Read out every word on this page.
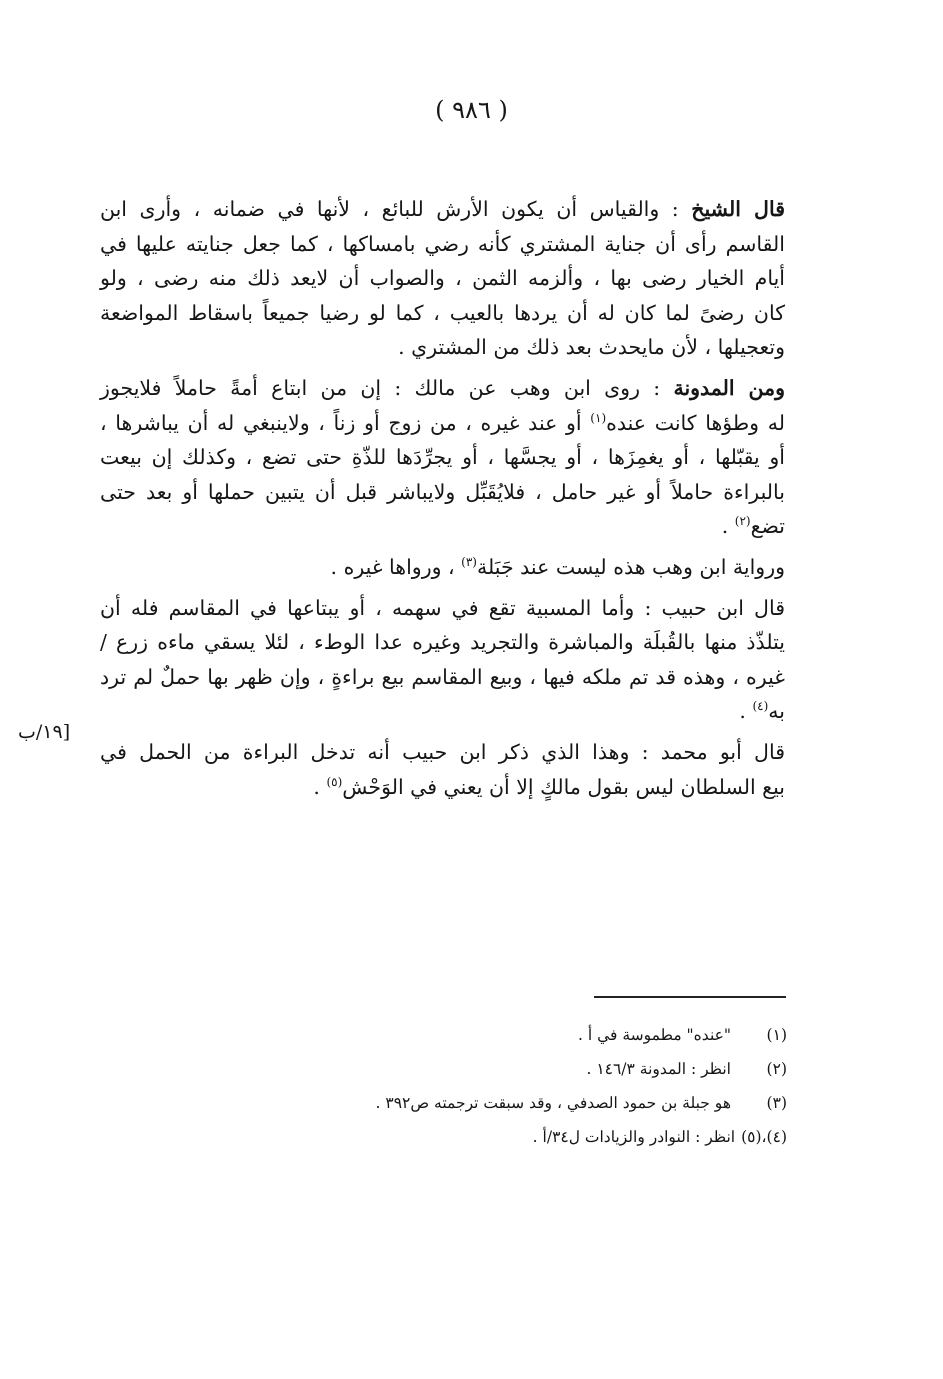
( ٩٨٦ )
[١٩/ب
قال الشيخ : والقياس أن يكون الأرش للبائع ، لأنها في ضمانه ، وأرى ابن
القاسم رأى أن جناية المشتري كأنه رضي بامساكها ، كما جعل جنايته عليها في
أيام الخيار رضى بها ، وألزمه الثمن ، والصواب أن لايعد ذلك منه رضى ، ولو
كان رضىً لما كان له أن يردها بالعيب ، كما لو رضيا جميعاً باسقاط المواضعة
وتعجيلها ، لأن مايحدث بعد ذلك من المشتري .
ومن المدونة : روى ابن وهب عن مالك : إن من ابتاع أمةً حاملاً فلايجوز
له وطؤها كانت عنده$^{(١)}$ أو عند غيره ، من زوج أو زناً ، ولاينبغي له أن يباشرها ،
أو يقبّلها ، أو يغمِزَها ، أو يجسَّها ، أو يجرِّدَها للذّةِ حتى تضع ، وكذلك إن بيعت
بالبراءة حاملاً أو غير حامل ، فلايُقَبِّل ولايباشر قبل أن يتبين حملها أو بعد حتى
تضع$^{(٢)}$ .
ورواية ابن وهب هذه ليست عند جَبَلة$^{(٣)}$ ، ورواها غيره .
قال ابن حبيب : وأما المسبية تقع في سهمه ، أو يبتاعها في المقاسم فله أن
يتلذّذ منها بالقُبلَة والمباشرة والتجريد وغيره عدا الوطء ، لئلا يسقي ماءه زرع /
غيره ، وهذه قد تم ملكه فيها ، وبيع المقاسم بيع براءةٍ ، وإن ظهر بها حملٌ لم ترد
به$^{(٤)}$ .
قال أبو محمد : وهذا الذي ذكر ابن حبيب أنه تدخل البراءة من الحمل في
بيع السلطان ليس بقول مالكٍ إلا أن يعني في الوَحْش$^{(٥)}$ .
(١)"عنده" مطموسة في أ .
(٢)انظر : المدونة ١٤٦/٣ .
(٣)هو جبلة بن حمود الصدفي ، وقد سبقت ترجمته ص٣٩٢ .
(٤)،(٥)انظر : النوادر والزيادات ل٣٤/أ .
